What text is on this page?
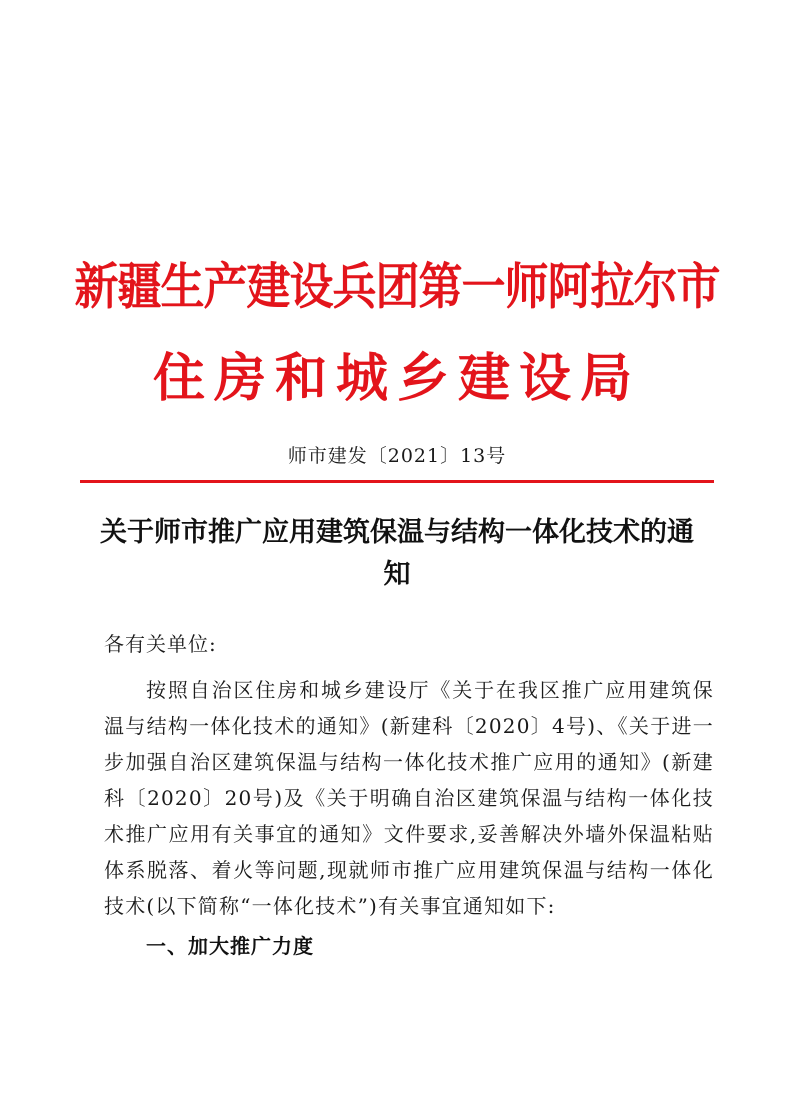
新疆生产建设兵团第一师阿拉尔市
住房和城乡建设局
师市建发〔2021〕13号
关于师市推广应用建筑保温与结构一体化技术的通知
各有关单位:
按照自治区住房和城乡建设厅《关于在我区推广应用建筑保温与结构一体化技术的通知》(新建科〔2020〕4号)、《关于进一步加强自治区建筑保温与结构一体化技术推广应用的通知》(新建科〔2020〕20号)及《关于明确自治区建筑保温与结构一体化技术推广应用有关事宜的通知》文件要求,妥善解决外墙外保温粘贴体系脱落、着火等问题,现就师市推广应用建筑保温与结构一体化技术(以下简称“一体化技术”)有关事宜通知如下:
一、加大推广力度
